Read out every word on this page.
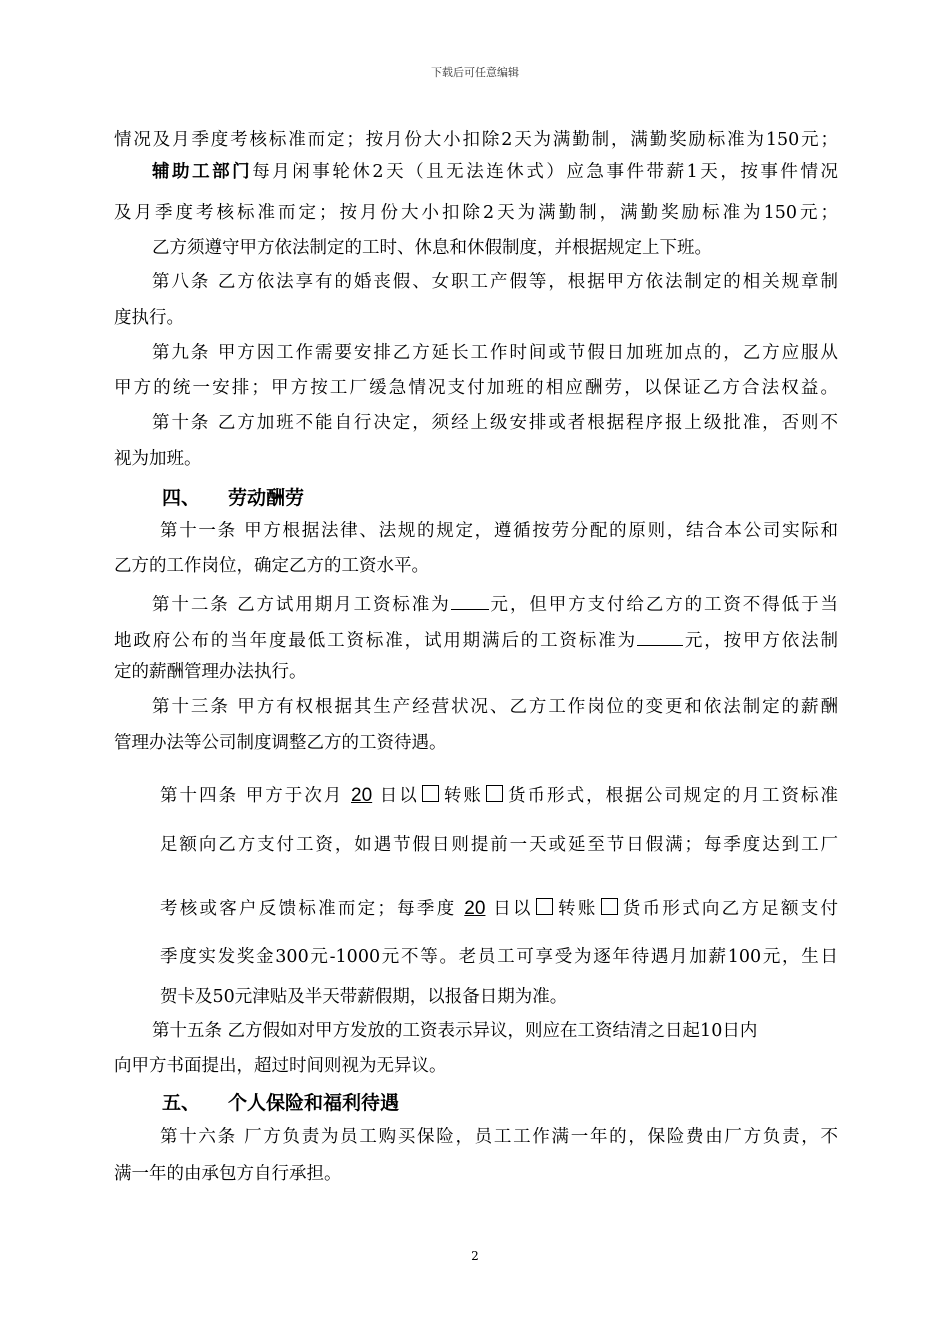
下载后可任意编辑
情况及月季度考核标准而定；按月份大小扣除2天为满勤制，满勤奖励标准为150元；
辅助工部门每月闲事轮休2天（且无法连休式）应急事件带薪1天，按事件情况
及月季度考核标准而定；按月份大小扣除2天为满勤制，满勤奖励标准为150元；
乙方须遵守甲方依法制定的工时、休息和休假制度，并根据规定上下班。
第八条 乙方依法享有的婚丧假、女职工产假等，根据甲方依法制定的相关规章制
度执行。
第九条 甲方因工作需要安排乙方延长工作时间或节假日加班加点的，乙方应服从
甲方的统一安排；甲方按工厂缓急情况支付加班的相应酬劳，以保证乙方合法权益。
第十条 乙方加班不能自行决定，须经上级安排或者根据程序报上级批准，否则不
视为加班。
四、 劳动酬劳
第十一条 甲方根据法律、法规的规定，遵循按劳分配的原则，结合本公司实际和
乙方的工作岗位，确定乙方的工资水平。
第十二条 乙方试用期月工资标准为 元，但甲方支付给乙方的工资不得低于当
地政府公布的当年度最低工资标准，试用期满后的工资标准为	元，按甲方依法制
定的薪酬管理办法执行。
第十三条 甲方有权根据其生产经营状况、乙方工作岗位的变更和依法制定的薪酬
管理办法等公司制度调整乙方的工资待遇。
第十四条 甲方于次月 20 日以 转账 货币形式，根据公司规定的月工资标准
足额向乙方支付工资，如遇节假日则提前一天或延至节日假满；每季度达到工厂
考核或客户反馈标准而定；每季度 20 日以 转账 货币形式向乙方足额支付
季度实发奖金300元-1000元不等。老员工可享受为逐年待遇月加薪100元，生日
贺卡及50元津贴及半天带薪假期，以报备日期为准。
第十五条 乙方假如对甲方发放的工资表示异议，则应在工资结清之日起10日内
向甲方书面提出，超过时间则视为无异议。
五、 个人保险和福利待遇
第十六条 厂方负责为员工购买保险，员工工作满一年的，保险费由厂方负责，不
满一年的由承包方自行承担。
2
